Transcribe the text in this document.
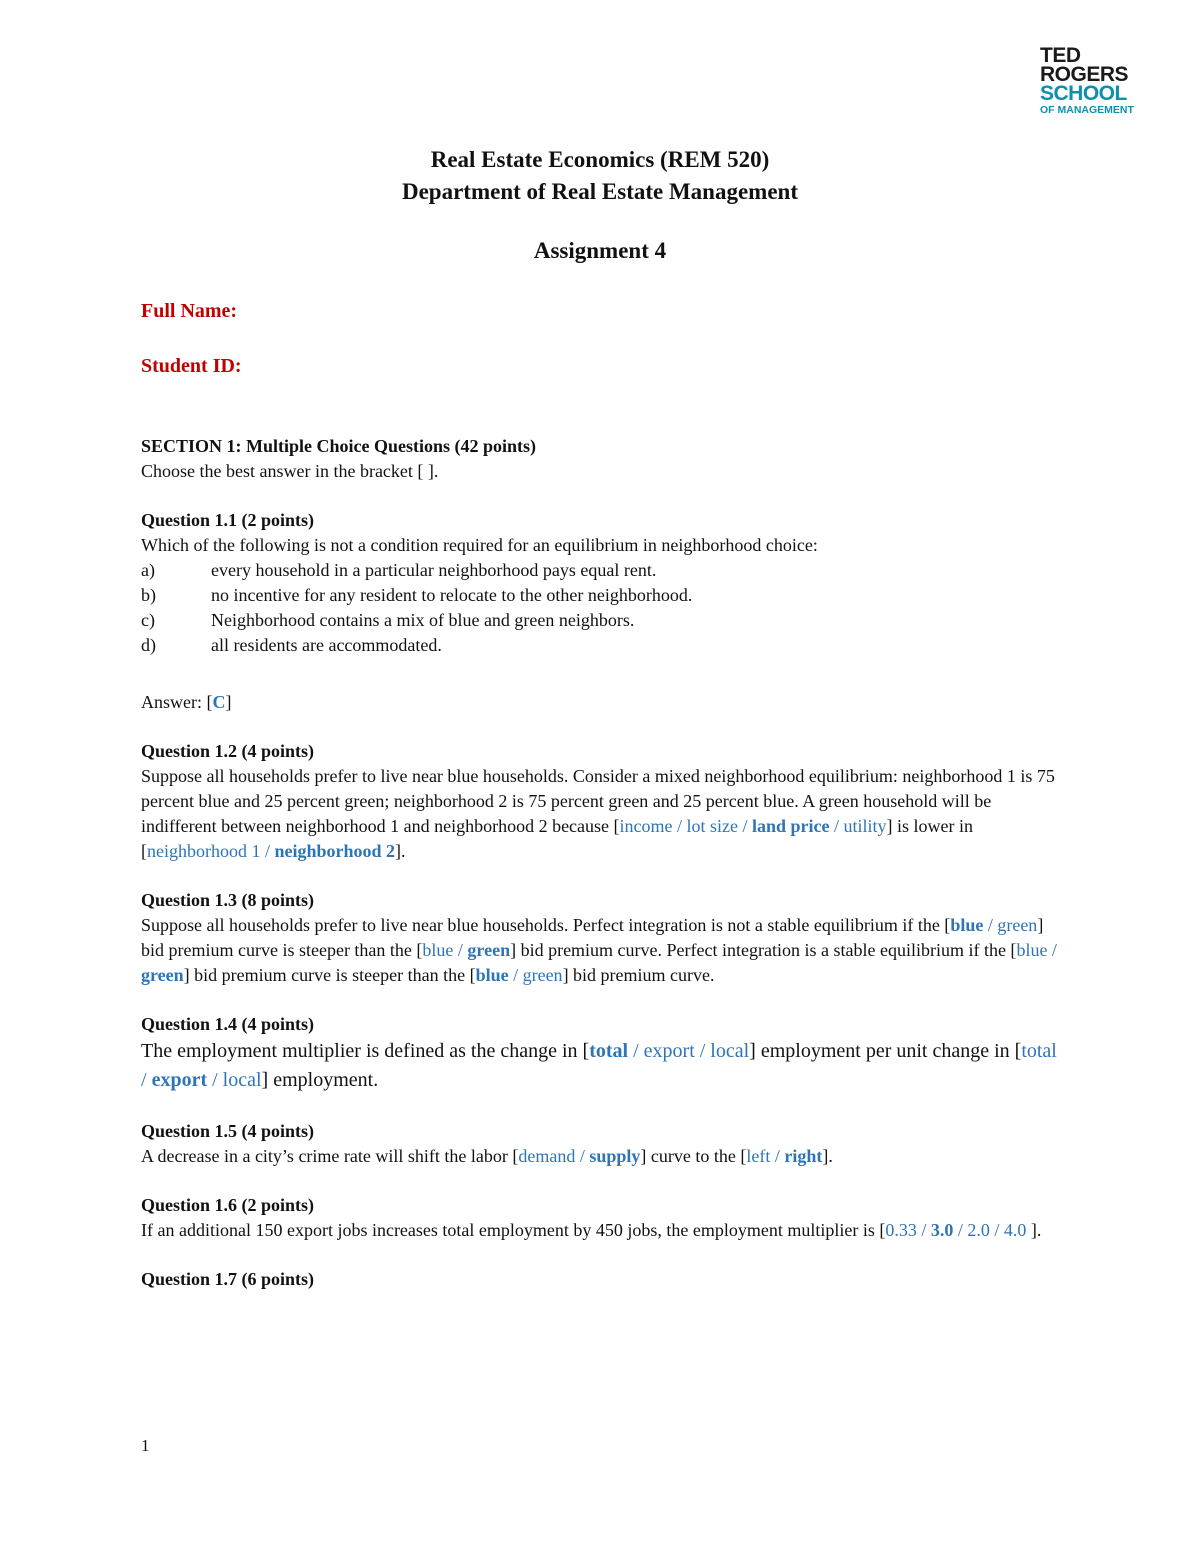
TED
ROGERS
SCHOOL
OF MANAGEMENT
Real Estate Economics (REM 520)
Department of Real Estate Management
Assignment 4
Full Name:
Student ID:
SECTION 1: Multiple Choice Questions (42 points)
Choose the best answer in the bracket [ ].
Question 1.1 (2 points)
Which of the following is not a condition required for an equilibrium in neighborhood choice:
a)	every household in a particular neighborhood pays equal rent.
b)	no incentive for any resident to relocate to the other neighborhood.
c)	Neighborhood contains a mix of blue and green neighbors.
d)	all residents are accommodated.
Answer: [C]
Question 1.2 (4 points)
Suppose all households prefer to live near blue households. Consider a mixed neighborhood equilibrium: neighborhood 1 is 75 percent blue and 25 percent green; neighborhood 2 is 75 percent green and 25 percent blue. A green household will be indifferent between neighborhood 1 and neighborhood 2 because [income / lot size / land price / utility] is lower in [neighborhood 1 / neighborhood 2].
Question 1.3 (8 points)
Suppose all households prefer to live near blue households. Perfect integration is not a stable equilibrium if the [blue / green] bid premium curve is steeper than the [blue / green] bid premium curve. Perfect integration is a stable equilibrium if the [blue / green] bid premium curve is steeper than the [blue / green] bid premium curve.
Question 1.4 (4 points)
The employment multiplier is defined as the change in [total / export / local] employment per unit change in [total / export / local] employment.
Question 1.5 (4 points)
A decrease in a city’s crime rate will shift the labor [demand / supply] curve to the [left / right].
Question 1.6 (2 points)
If an additional 150 export jobs increases total employment by 450 jobs, the employment multiplier is [0.33 / 3.0 / 2.0 / 4.0 ].
Question 1.7 (6 points)
1
